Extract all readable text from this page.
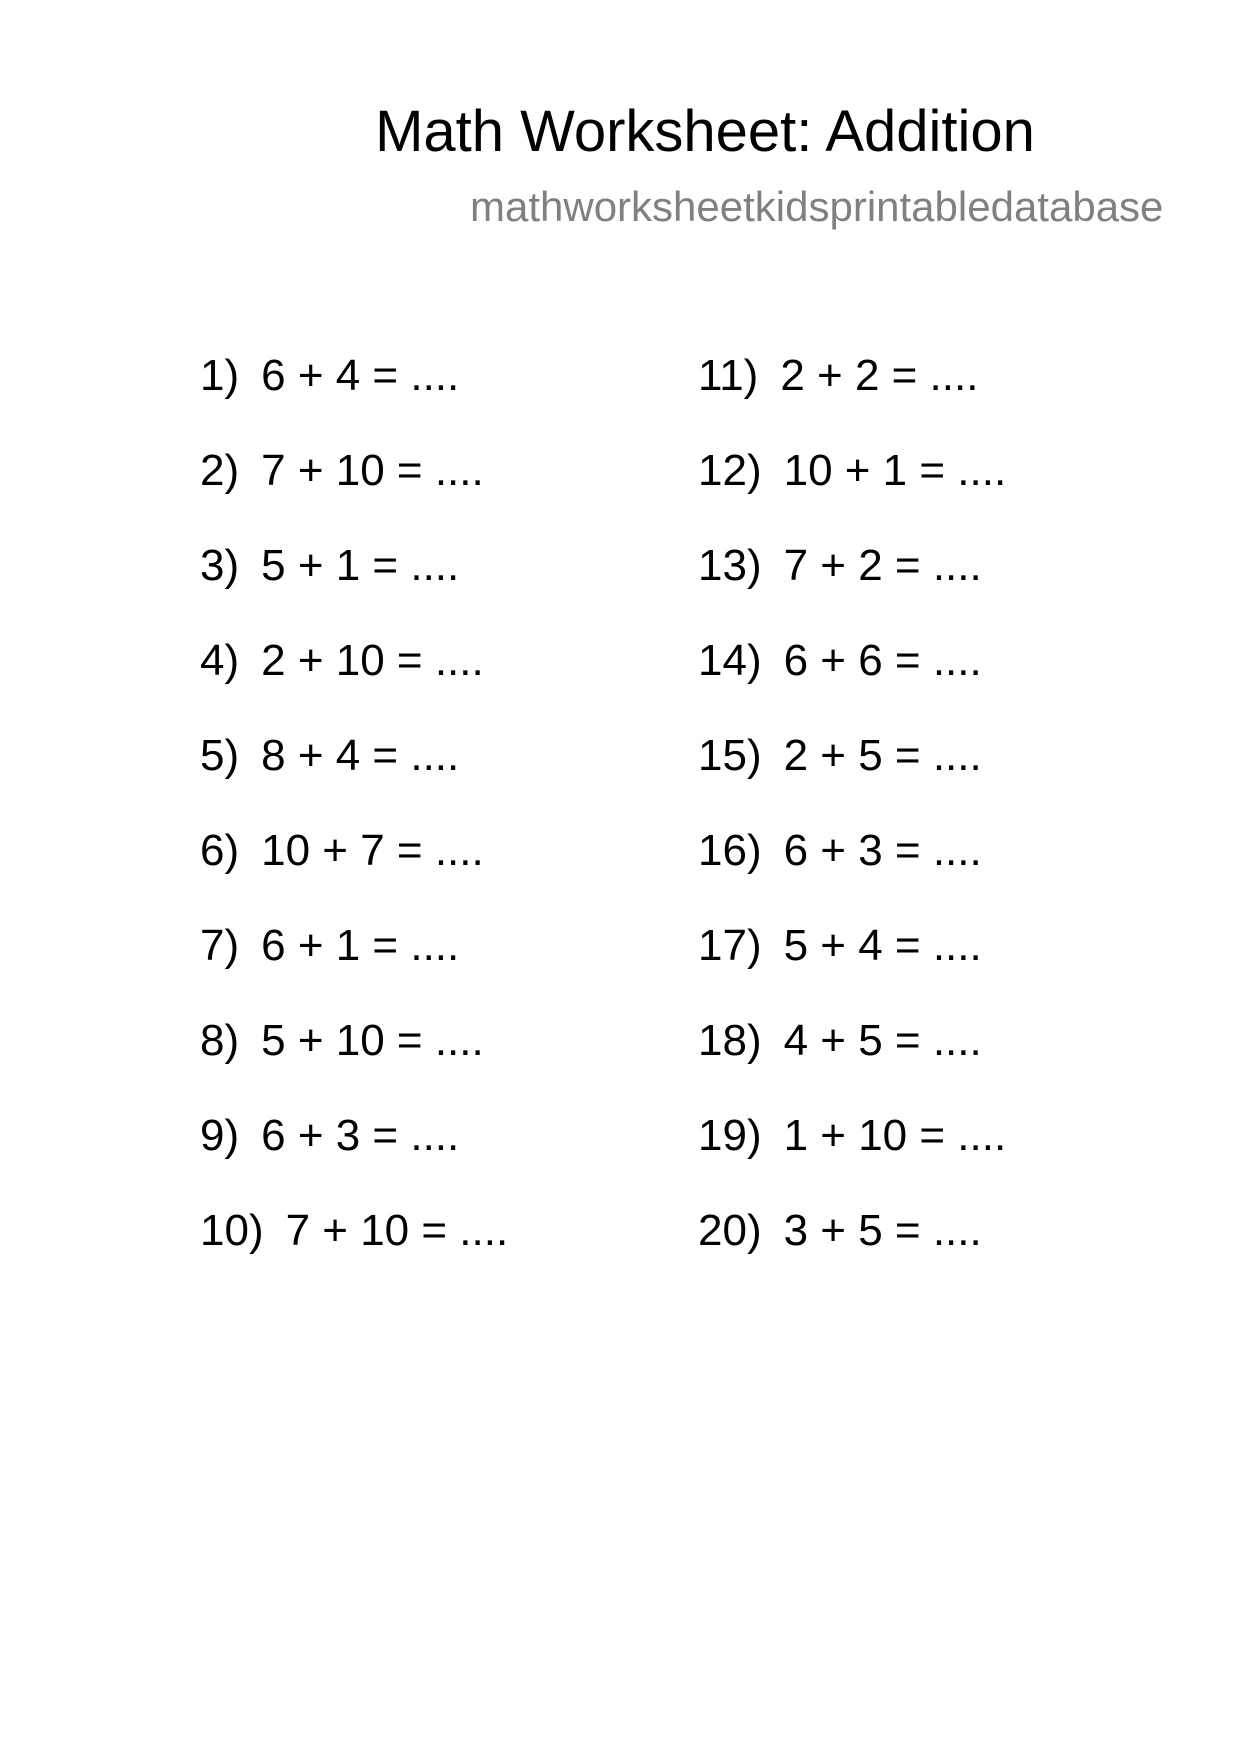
Math Worksheet: Addition
mathworksheetkidsprintabledatabase
1) 6 + 4 = ....
2) 7 + 10 = ....
3) 5 + 1 = ....
4) 2 + 10 = ....
5) 8 + 4 = ....
6) 10 + 7 = ....
7) 6 + 1 = ....
8) 5 + 10 = ....
9) 6 + 3 = ....
10) 7 + 10 = ....
11) 2 + 2 = ....
12) 10 + 1 = ....
13) 7 + 2 = ....
14) 6 + 6 = ....
15) 2 + 5 = ....
16) 6 + 3 = ....
17) 5 + 4 = ....
18) 4 + 5 = ....
19) 1 + 10 = ....
20) 3 + 5 = ....
